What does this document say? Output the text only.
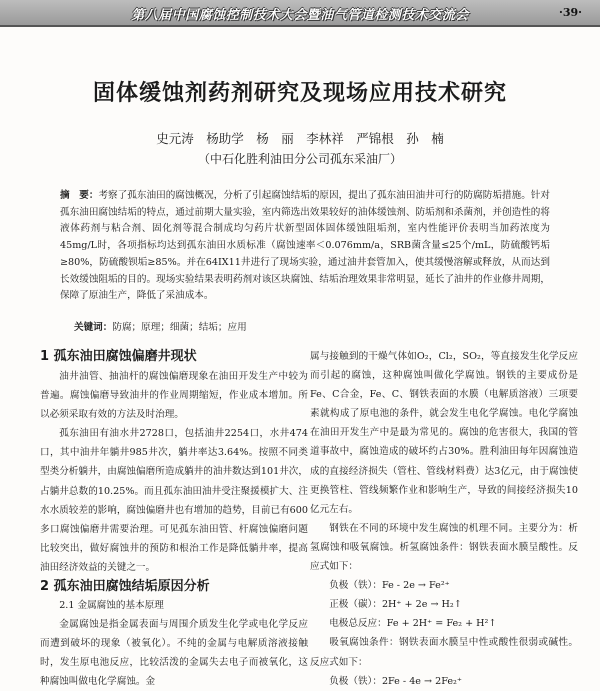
第八届中国腐蚀控制技术大会暨油气管道检测技术交流会	·39·
固体缓蚀剂药剂研究及现场应用技术研究
史元涛　杨助学　杨　丽　李林祥　严锦根　孙　楠
（中石化胜利油田分公司孤东采油厂）
摘　要：考察了孤东油田的腐蚀概况，分析了引起腐蚀结垢的原因，提出了孤东油田油井可行的防腐防垢措施。针对孤东油田腐蚀结垢的特点，通过前期大量实验，室内筛选出效果较好的油体缓蚀剂、防垢剂和杀菌剂，并创造性的将液体药剂与粘合剂、固化剂等混合制成均匀药片状新型固体固体缓蚀阻垢剂，室内性能评价表明当加药浓度为45mg/L时，各项指标均达到孤东油田水质标准（腐蚀速率＜0.076mm/a，SRB菌含量≤25个/mL，防硫酸钙垢≥80%，防硫酸钡垢≥85%。并在64IX11井进行了现场实验，通过油井套管加入，使其缓慢溶解或释放，从而达到长效缓蚀阻垢的目的。现场实验结果表明药剂对该区块腐蚀、结垢治理效果非常明显，延长了油井的作业修井周期，保障了原油生产，降低了采油成本。
关键词：防腐；原理；细菌；结垢；应用
1 孤东油田腐蚀偏磨井现状

油井油管、抽油杆的腐蚀偏磨现象在油田开发生产中较为普遍。腐蚀偏磨导致油井的作业周期缩短，作业成本增加。所以必须采取有效的方法及时治理。

孤东油田有油水井2728口，包括油井2254口，水井474口，其中油井年躺井985井次，躺井率达3.64%。按照不同类型类分析躺井，由腐蚀偏磨所造成躺井的油井数达到101井次，占躺井总数的10.25%。而且孤东油田油井受注聚援模扩大、注水水质较差的影响，腐蚀偏磨井也有增加的趋势，目前已有600多口腐蚀偏磨井需要治理。可见孤东油田管、杆腐蚀偏磨问题比较突出，做好腐蚀井的预防和根治工作是降低躺井率，提高油田经济效益的关键之一。

2 孤东油田腐蚀结垢原因分析
2.1 金属腐蚀的基本原理

金属腐蚀是指金属表面与周围介质发生化学或电化学反应而遭到破坏的现象（被氧化）。不纯的金属与电解质溶液接触时，发生原电池反应，比较活泼的金属失去电子而被氧化，这种腐蚀叫做电化学腐蚀。金

属与接触到的干燥气体如O₂，Cl₂，SO₂，等直接发生化学反应而引起的腐蚀，这种腐蚀叫做化学腐蚀。钢铁的主要成份是Fe、C合金，Fe、C、钢铁表面的水膜（电解质溶液）三项要素就构成了原电池的条件，就会发生电化学腐蚀。电化学腐蚀在油田开发生产中是最为常见的。腐蚀的危害很大，我国的管道事故中，腐蚀造成的破坏约占30%。胜利油田每年因腐蚀造成的直接经济损失（管柱、管线材料费）达3亿元，由于腐蚀使更换管柱、管线频繁作业和影响生产，导致的间接经济损失10亿元左右。

钢铁在不同的环境中发生腐蚀的机理不同。主要分为：析氢腐蚀和吸氧腐蚀。析氢腐蚀条件：钢铁表面水膜呈酸性。反应式如下：

负极（铁）：Fe - 2e → Fe²⁺

正极（碳）：2H⁺ + 2e → H₂↑

电极总反应：Fe + 2H⁺ = Fe₂ + H²↑

吸氧腐蚀条件：钢铁表面水膜呈中性或酸性很弱或碱性。反应式如下：

负极（铁）：2Fe - 4e → 2Fe₂⁺
